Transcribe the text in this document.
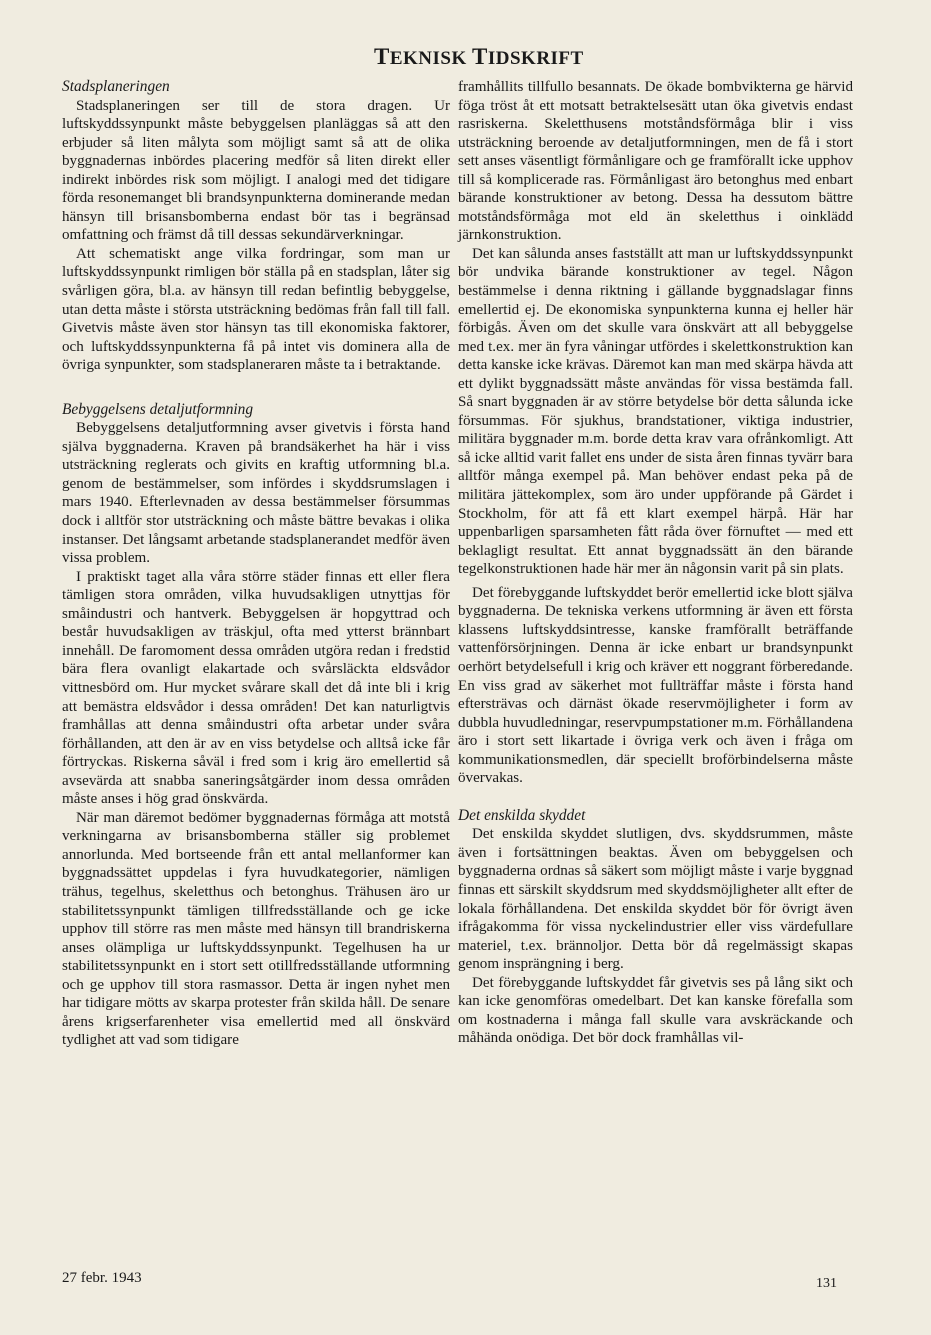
TEKNISK TIDSKRIFT
Stadsplaneringen

Stadsplaneringen ser till de stora dragen. Ur luftskyddssynpunkt måste bebyggelsen planläggas så att den erbjuder så liten målyta som möjligt samt så att de olika byggnadernas inbördes placering medför så liten direkt eller indirekt inbördes risk som möjligt. I analogi med det tidigare förda resonemanget bli brandsynpunkterna dominerande medan hänsyn till brisansbomberna endast bör tas i begränsad omfattning och främst då till dessas sekundärverkningar.

Att schematiskt ange vilka fordringar, som man ur luftskyddssynpunkt rimligen bör ställa på en stadsplan, låter sig svårligen göra, bl.a. av hänsyn till redan befintlig bebyggelse, utan detta måste i största utsträckning bedömas från fall till fall. Givetvis måste även stor hänsyn tas till ekonomiska faktorer, och luftskyddssynpunkterna få på intet vis dominera alla de övriga synpunkter, som stadsplaneraren måste ta i betraktande.

Bebyggelsens detaljutformning

Bebyggelsens detaljutformning avser givetvis i första hand själva byggnaderna. Kraven på brandsäkerhet ha här i viss utsträckning reglerats och givits en kraftig utformning bl.a. genom de bestämmelser, som infördes i skyddsrumslagen i mars 1940. Efterlevnaden av dessa bestämmelser försummas dock i alltför stor utsträckning och måste bättre bevakas i olika instanser. Det långsamt arbetande stadsplanerandet medför även vissa problem.

I praktiskt taget alla våra större städer finnas ett eller flera tämligen stora områden, vilka huvudsakligen utnyttjas för småindustri och hantverk. Bebyggelsen är hopgyttrad och består huvudsakligen av träskjul, ofta med ytterst brännbart innehåll. De faromoment dessa områden utgöra redan i fredstid bära flera ovanligt elakartade och svårsläckta eldsvådor vittnesbörd om. Hur mycket svårare skall det då inte bli i krig att bemästra eldsvådor i dessa områden! Det kan naturligtvis framhållas att denna småindustri ofta arbetar under svåra förhållanden, att den är av en viss betydelse och alltså icke får förtryckas. Riskerna såväl i fred som i krig äro emellertid så avsevärda att snabba saneringsåtgärder inom dessa områden måste anses i hög grad önskvärda.

När man däremot bedömer byggnadernas förmåga att motstå verkningarna av brisansbomberna ställer sig problemet annorlunda. Med bortseende från ett antal mellanformer kan byggnadssättet uppdelas i fyra huvudkategorier, nämligen trähus, tegelhus, skeletthus och betonghus. Trähusen äro ur stabilitetssynpunkt tämligen tillfredsställande och ge icke upphov till större ras men måste med hänsyn till brandriskerna anses olämpliga ur luftskyddssynpunkt. Tegelhusen ha ur stabilitetssynpunkt en i stort sett otillfredsställande utformning och ge upphov till stora rasmassor. Detta är ingen nyhet men har tidigare mötts av skarpa protester från skilda håll. De senare årens krigserfarenheter visa emellertid med all önskvärd tydlighet att vad som tidigare

framhållits tillfullo besannats. De ökade bombvikterna ge härvid föga tröst åt ett motsatt betraktelsesätt utan öka givetvis endast rasriskerna. Skeletthusens motståndsförmåga blir i viss utsträckning beroende av detaljutformningen, men de få i stort sett anses väsentligt förmånligare och ge framförallt icke upphov till så komplicerade ras. Förmånligast äro betonghus med enbart bärande konstruktioner av betong. Dessa ha dessutom bättre motståndsförmåga mot eld än skeletthus i oinklädd järnkonstruktion.

Det kan sålunda anses fastställt att man ur luftskyddssynpunkt bör undvika bärande konstruktioner av tegel. Någon bestämmelse i denna riktning i gällande byggnadslagar finns emellertid ej. De ekonomiska synpunkterna kunna ej heller här förbigås. Även om det skulle vara önskvärt att all bebyggelse med t.ex. mer än fyra våningar utfördes i skelettkonstruktion kan detta kanske icke krävas. Däremot kan man med skärpa hävda att ett dylikt byggnadssätt måste användas för vissa bestämda fall. Så snart byggnaden är av större betydelse bör detta sålunda icke försummas. För sjukhus, brandstationer, viktiga industrier, militära byggnader m.m. borde detta krav vara ofrånkomligt. Att så icke alltid varit fallet ens under de sista åren finnas tyvärr bara alltför många exempel på. Man behöver endast peka på de militära jättekomplex, som äro under uppförande på Gärdet i Stockholm, för att få ett klart exempel härpå. Här har uppenbarligen sparsamheten fått råda över förnuftet — med ett beklagligt resultat. Ett annat byggnadssätt än den bärande tegelkonstruktionen hade här mer än någonsin varit på sin plats.

Det förebyggande luftskyddet berör emellertid icke blott själva byggnaderna. De tekniska verkens utformning är även ett första klassens luftskyddsintresse, kanske framförallt beträffande vattenförsörjningen. Denna är icke enbart ur brandsynpunkt oerhört betydelsefull i krig och kräver ett noggrant förberedande. En viss grad av säkerhet mot fullträffar måste i första hand eftersträvas och därnäst ökade reservmöjligheter i form av dubbla huvudledningar, reservpumpstationer m.m. Förhållandena äro i stort sett likartade i övriga verk och även i fråga om kommunikationsmedlen, där speciellt broförbindelserna måste övervakas.

Det enskilda skyddet

Det enskilda skyddet slutligen, dvs. skyddsrummen, måste även i fortsättningen beaktas. Även om bebyggelsen och byggnaderna ordnas så säkert som möjligt måste i varje byggnad finnas ett särskilt skyddsrum med skyddsmöjligheter allt efter de lokala förhållandena. Det enskilda skyddet bör för övrigt även ifrågakomma för vissa nyckelindustrier eller viss värdefullare materiel, t.ex. brännoljor. Detta bör då regelmässigt skapas genom insprängning i berg.

Det förebyggande luftskyddet får givetvis ses på lång sikt och kan icke genomföras omedelbart. Det kan kanske förefalla som om kostnaderna i många fall skulle vara avskräckande och måhända onödiga. Det bör dock framhållas vil-

27 febr. 1943	131
